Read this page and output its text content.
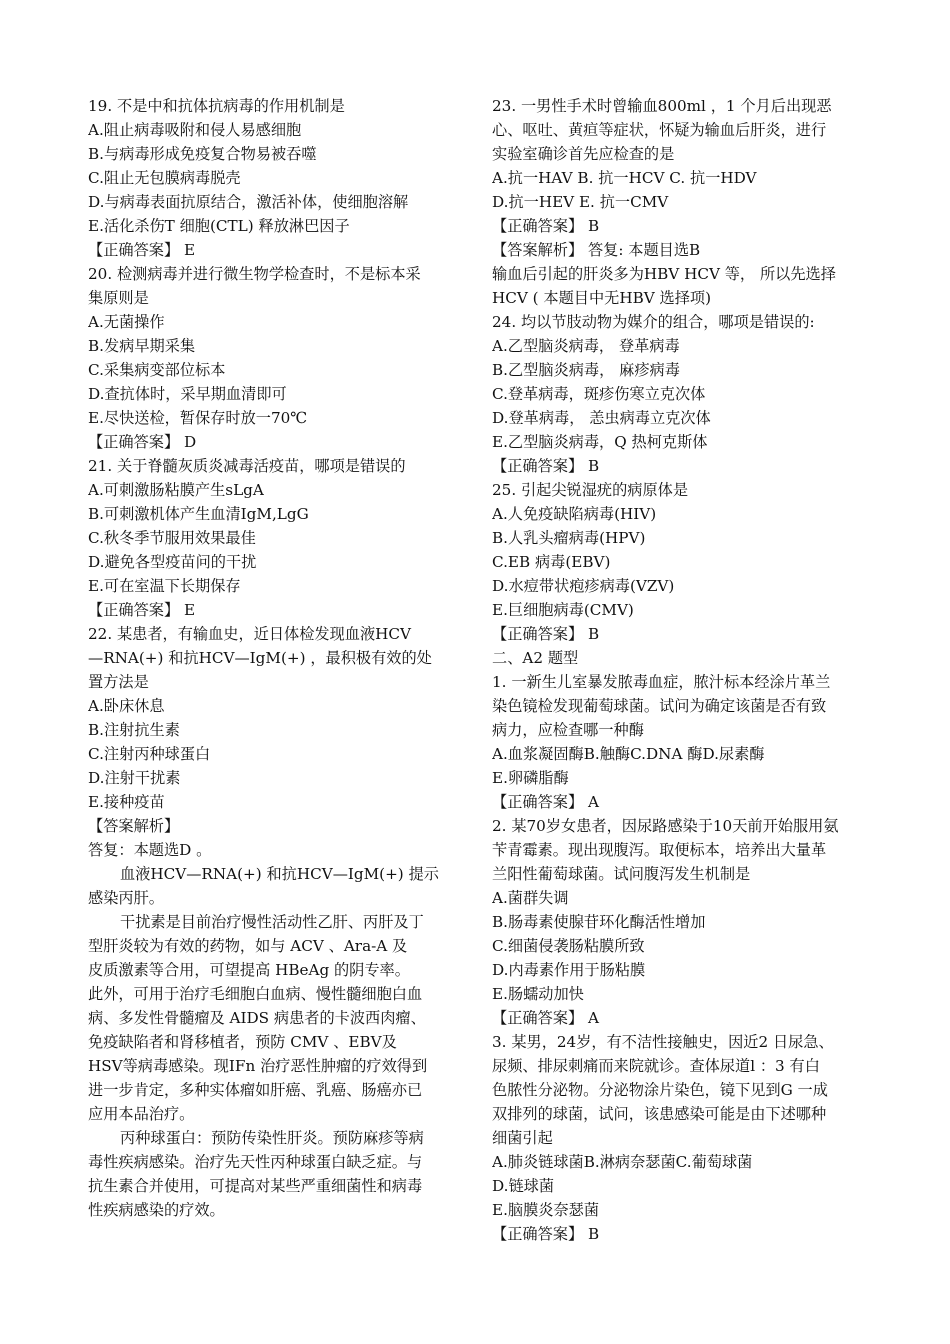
19. 不是中和抗体抗病毒的作用机制是
A.阻止病毒吸附和侵人易感细胞
B.与病毒形成免疫复合物易被吞噬
C.阻止无包膜病毒脱壳
D.与病毒表面抗原结合，激活补体，使细胞溶解
E.活化杀伤T 细胞(CTL) 释放淋巴因子
【正确答案】 E
20. 检测病毒并进行微生物学检查时，不是标本采
集原则是
A.无菌操作
B.发病早期采集
C.采集病变部位标本
D.查抗体时，采早期血清即可
E.尽快送检，暂保存时放一70℃
【正确答案】 D
21. 关于脊髓灰质炎减毒活疫苗，哪项是错误的
A.可刺激肠粘膜产生sLgA
B.可刺激机体产生血清IgM,LgG
C.秋冬季节服用效果最佳
D.避免各型疫苗问的干扰
E.可在室温下长期保存
【正确答案】 E
22. 某患者，有输血史，近日体检发现血液HCV
—RNA(+) 和抗HCV—IgM(+) ，最积极有效的处
置方法是
A.卧床休息
B.注射抗生素
C.注射丙种球蛋白
D.注射干扰素
E.接种疫苗
【答案解析】
答复：本题选D 。
血液HCV—RNA(+) 和抗HCV—IgM(+) 提示
感染丙肝。
干扰素是目前治疗慢性活动性乙肝、丙肝及丁
型肝炎较为有效的药物，如与 ACV 、Ara-A 及
皮质激素等合用，可望提高 HBeAg 的阴专率。
此外，可用于治疗毛细胞白血病、慢性髓细胞白血
病、多发性骨髓瘤及 AIDS 病患者的卡波西肉瘤、
免疫缺陷者和肾移植者，预防 CMV 、EBV及
HSV等病毒感染。现IFn 治疗恶性肿瘤的疗效得到
进一步肯定，多种实体瘤如肝癌、乳癌、肠癌亦已
应用本品治疗。
丙种球蛋白：预防传染性肝炎。预防麻疹等病
毒性疾病感染。治疗先天性丙种球蛋白缺乏症。与
抗生素合并使用，可提高对某些严重细菌性和病毒
性疾病感染的疗效。
23. 一男性手术时曾输血800ml ，1 个月后出现恶
心、呕吐、黄疸等症状，怀疑为输血后肝炎，进行
实验室确诊首先应检查的是
A.抗一HAV B. 抗一HCV C. 抗一HDV
D.抗一HEV E. 抗一CMV
【正确答案】 B
【答案解析】 答复: 本题目选B
输血后引起的肝炎多为HBV HCV 等， 所以先选择
HCV ( 本题目中无HBV 选择项)
24. 均以节肢动物为媒介的组合，哪项是错误的:
A.乙型脑炎病毒， 登革病毒
B.乙型脑炎病毒， 麻疹病毒
C.登革病毒，斑疹伤寒立克次体
D.登革病毒， 恙虫病毒立克次体
E.乙型脑炎病毒，Q 热柯克斯体
【正确答案】 B
25. 引起尖锐湿疣的病原体是
A.人免疫缺陷病毒(HIV)
B.人乳头瘤病毒(HPV)
C.EB 病毒(EBV)
D.水痘带状疱疹病毒(VZV)
E.巨细胞病毒(CMV)
【正确答案】 B
二、A2 题型
1. 一新生儿室暴发脓毒血症，脓汁标本经涂片革兰
染色镜检发现葡萄球菌。试问为确定该菌是否有致
病力，应检查哪一种酶
A.血浆凝固酶B.触酶C.DNA 酶D.尿素酶
E.卵磷脂酶
【正确答案】 A
2. 某70岁女患者，因尿路感染于10天前开始服用氨
苄青霉素。现出现腹泻。取便标本，培养出大量革
兰阳性葡萄球菌。试问腹泻发生机制是
A.菌群失调
B.肠毒素使腺苷环化酶活性增加
C.细菌侵袭肠粘膜所致
D.内毒素作用于肠粘膜
E.肠蠕动加快
【正确答案】 A
3. 某男，24岁，有不洁性接触史，因近2 日尿急、
尿频、排尿刺痛而来院就诊。查体尿道l ：3 有白
色脓性分泌物。分泌物涂片染色，镜下见到G 一成
双排列的球菌，试问，该患感染可能是由下述哪种
细菌引起
A.肺炎链球菌B.淋病奈瑟菌C.葡萄球菌
D.链球菌
E.脑膜炎奈瑟菌
【正确答案】 B
